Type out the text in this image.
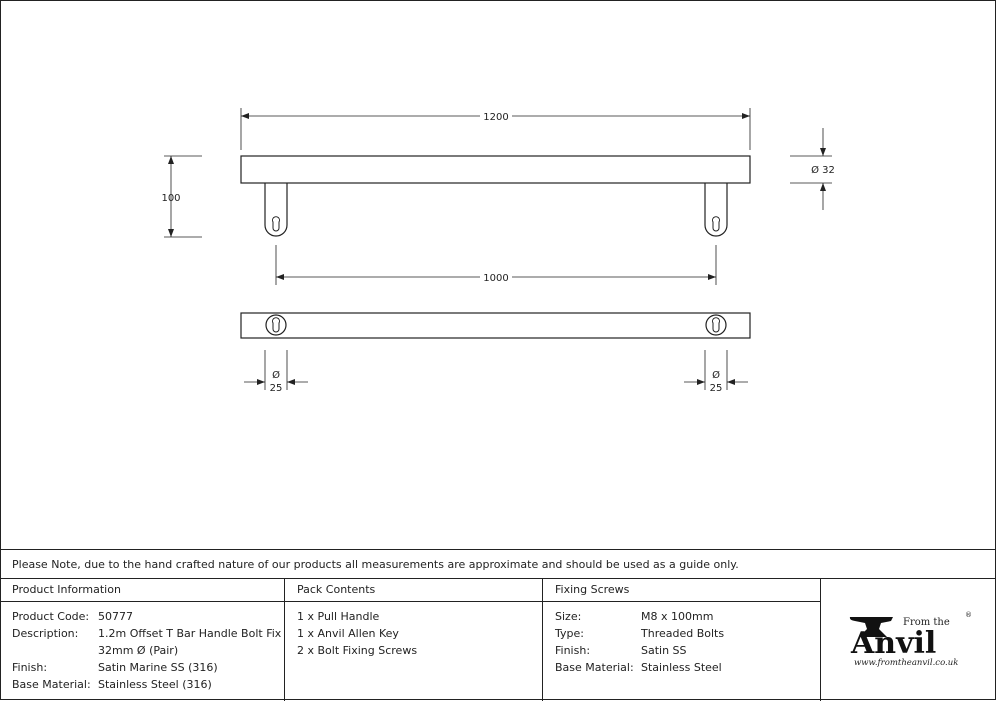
1200
100
Ø 32
1000
Ø
25
Ø
25
Please Note, due to the hand crafted nature of our products all measurements are approximate and should be used as a guide only.
Product Information
Product Code: 50777
Description:	1.2m Offset T Bar Handle Bolt Fix
32mm Ø (Pair)
Finish:	Satin Marine SS (316)
Base Material: Stainless Steel (316)
Pack Contents
1 x Pull Handle
1 x Anvil Allen Key
2 x Bolt Fixing Screws
Fixing Screws
Size:	M8 x 100mm
Type:	Threaded Bolts
Finish:	Satin SS
Base Material: Stainless Steel
From the
Anvil
®
www.fromtheanvil.co.uk
